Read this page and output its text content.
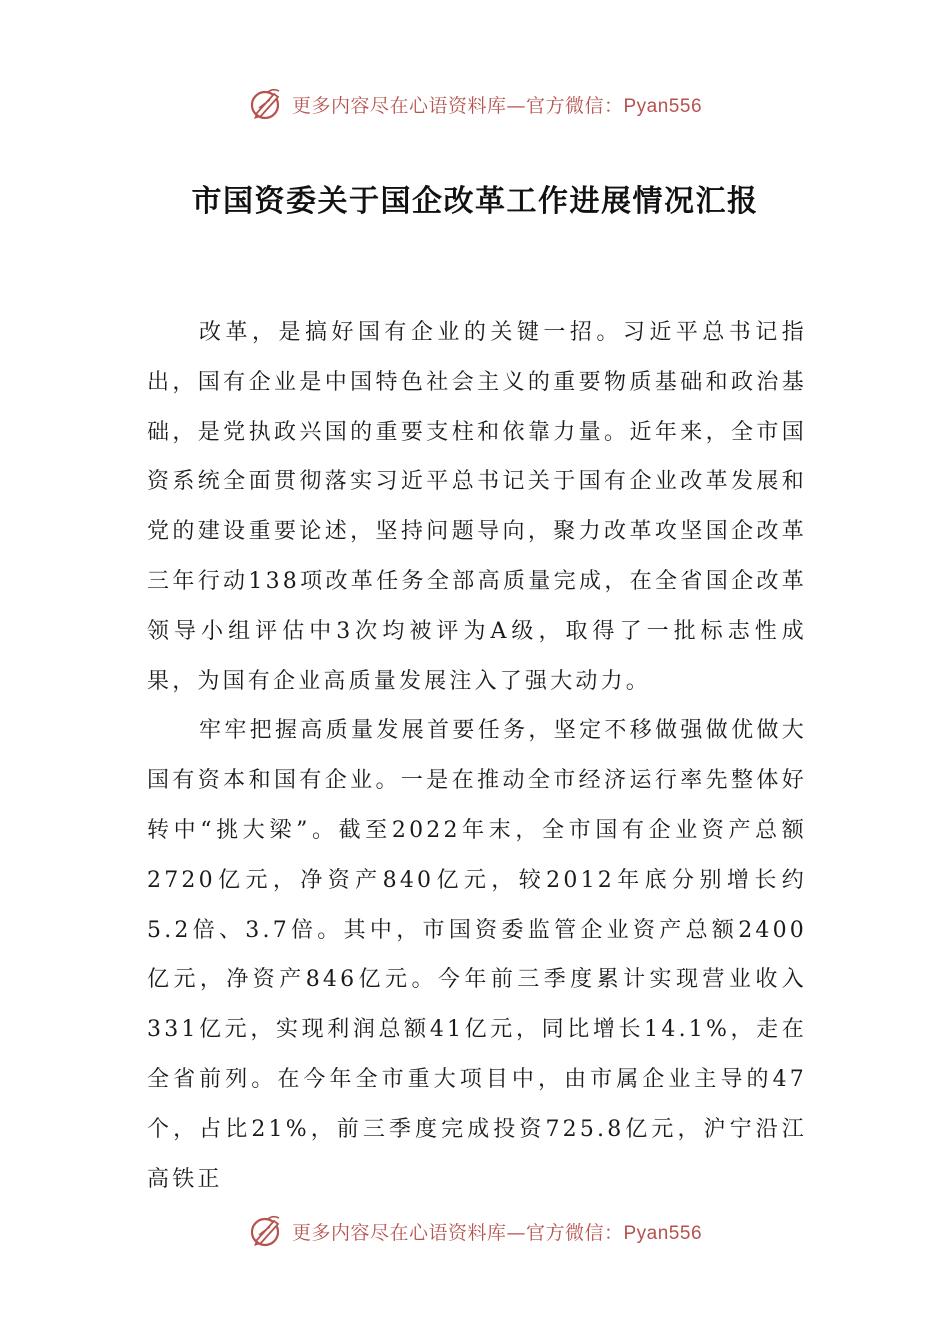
更多内容尽在心语资料库—官方微信：Pyan556
市国资委关于国企改革工作进展情况汇报

改革，是搞好国有企业的关键一招。习近平总书记指出，国有企业是中国特色社会主义的重要物质基础和政治基础，是党执政兴国的重要支柱和依靠力量。近年来，全市国资系统全面贯彻落实习近平总书记关于国有企业改革发展和党的建设重要论述，坚持问题导向，聚力改革攻坚国企改革三年行动138项改革任务全部高质量完成，在全省国企改革领导小组评估中3次均被评为A级，取得了一批标志性成果，为国有企业高质量发展注入了强大动力。

牢牢把握高质量发展首要任务，坚定不移做强做优做大国有资本和国有企业。一是在推动全市经济运行率先整体好转中“挑大梁”。截至2022年末，全市国有企业资产总额2720亿元，净资产840亿元，较2012年底分别增长约5.2倍、3.7倍。其中，市国资委监管企业资产总额2400亿元，净资产846亿元。今年前三季度累计实现营业收入331亿元，实现利润总额41亿元，同比增长14.1%，走在全省前列。在今年全市重大项目中，由市属企业主导的47个，占比21%，前三季度完成投资725.8亿元，沪宁沿江高铁正

更多内容尽在心语资料库—官方微信：Pyan556
